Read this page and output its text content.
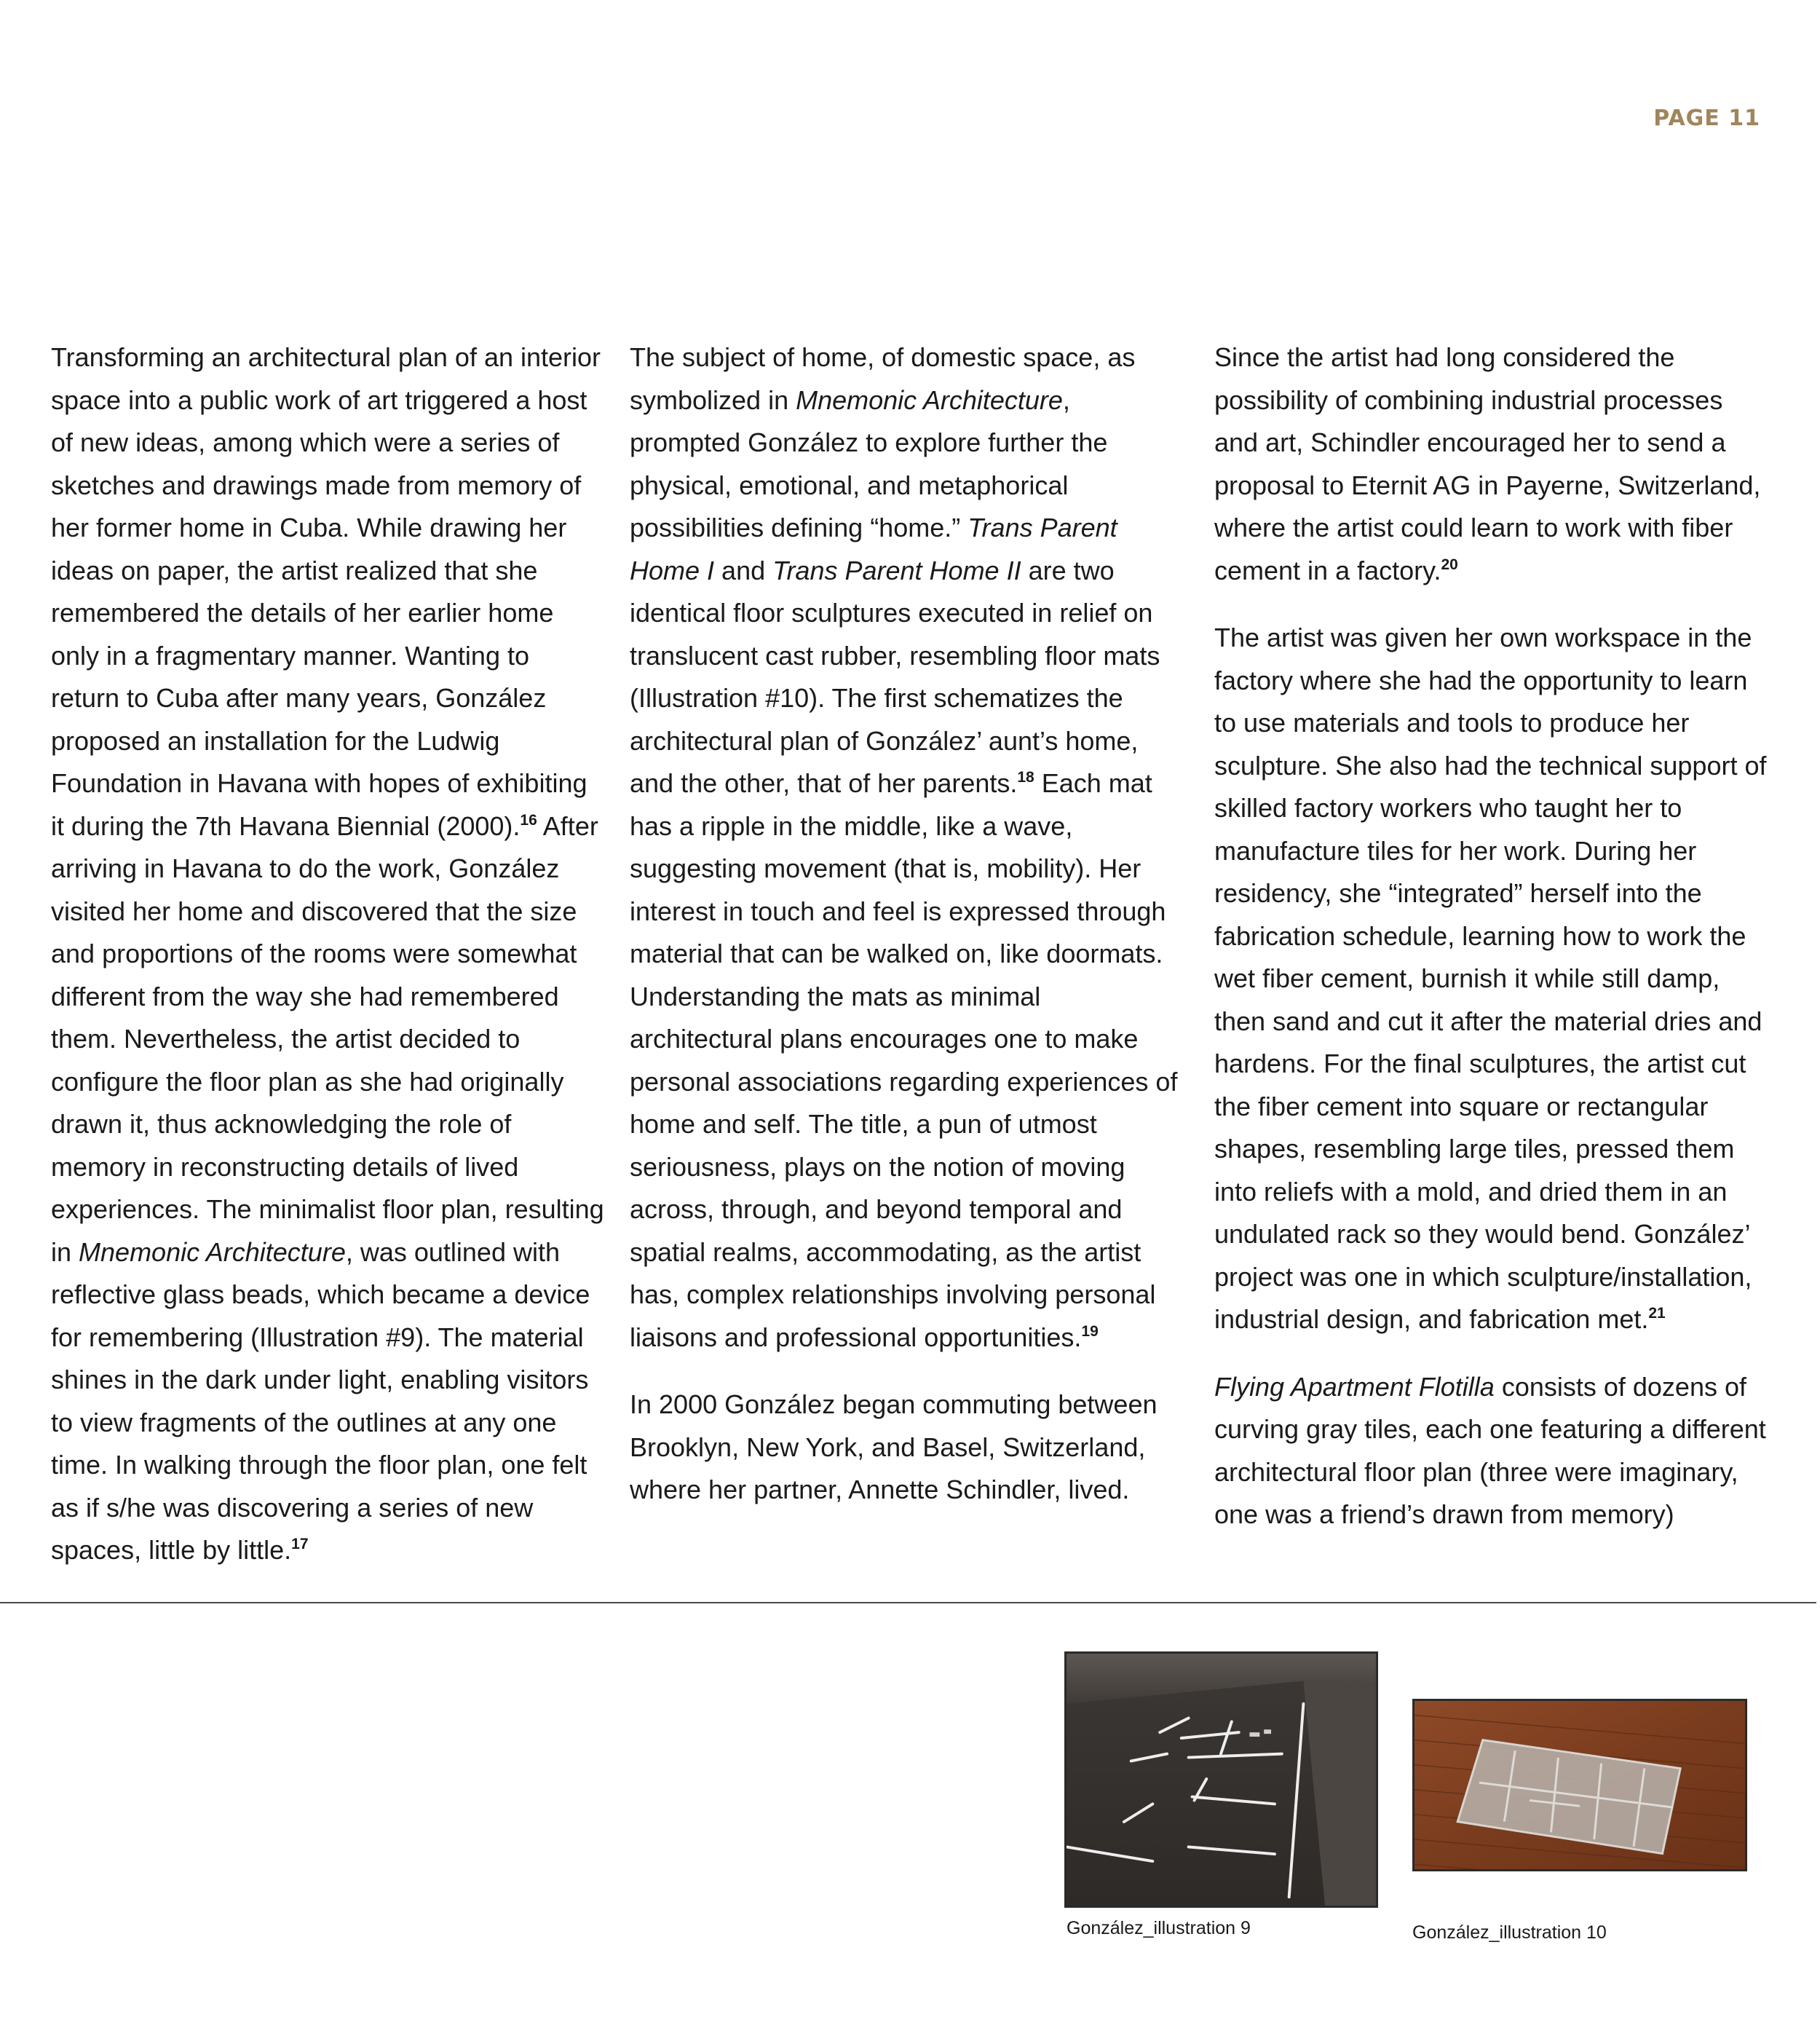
PAGE 11

Transforming an architectural plan of an interior space into a public work of art triggered a host of new ideas, among which were a series of sketches and drawings made from memory of her former home in Cuba. While drawing her ideas on paper, the artist realized that she remembered the details of her earlier home only in a fragmentary manner. Wanting to return to Cuba after many years, González proposed an installation for the Ludwig Foundation in Havana with hopes of exhibiting it during the 7th Havana Biennial (2000).$^{16}$ After arriving in Havana to do the work, González visited her home and discovered that the size and proportions of the rooms were somewhat different from the way she had remembered them. Nevertheless, the artist decided to configure the floor plan as she had originally drawn it, thus acknowledging the role of memory in reconstructing details of lived experiences. The minimalist floor plan, resulting in Mnemonic Architecture, was outlined with reflective glass beads, which became a device for remembering (Illustration #9). The material shines in the dark under light, enabling visitors to view fragments of the outlines at any one time. In walking through the floor plan, one felt as if s/he was discovering a series of new spaces, little by little.$^{17}$

The subject of home, of domestic space, as symbolized in Mnemonic Architecture, prompted González to explore further the physical, emotional, and metaphorical possibilities defining “home.” Trans Parent Home I and Trans Parent Home II are two identical floor sculptures executed in relief on translucent cast rubber, resembling floor mats (Illustration #10). The first schematizes the architectural plan of González’ aunt’s home, and the other, that of her parents.$^{18}$ Each mat has a ripple in the middle, like a wave, suggesting movement (that is, mobility). Her interest in touch and feel is expressed through material that can be walked on, like doormats. Understanding the mats as minimal architectural plans encourages one to make personal associations regarding experiences of home and self. The title, a pun of utmost seriousness, plays on the notion of moving across, through, and beyond temporal and spatial realms, accommodating, as the artist has, complex relationships involving personal liaisons and professional opportunities.$^{19}$

In 2000 González began commuting between Brooklyn, New York, and Basel, Switzerland, where her partner, Annette Schindler, lived.

Since the artist had long considered the possibility of combining industrial processes and art, Schindler encouraged her to send a proposal to Eternit AG in Payerne, Switzerland, where the artist could learn to work with fiber cement in a factory.$^{20}$

The artist was given her own workspace in the factory where she had the opportunity to learn to use materials and tools to produce her sculpture. She also had the technical support of skilled factory workers who taught her to manufacture tiles for her work. During her residency, she “integrated” herself into the fabrication schedule, learning how to work the wet fiber cement, burnish it while still damp, then sand and cut it after the material dries and hardens. For the final sculptures, the artist cut the fiber cement into square or rectangular shapes, resembling large tiles, pressed them into reliefs with a mold, and dried them in an undulated rack so they would bend. González’ project was one in which sculpture/installation, industrial design, and fabrication met.$^{21}$

Flying Apartment Flotilla consists of dozens of curving gray tiles, each one featuring a different architectural floor plan (three were imaginary, one was a friend’s drawn from memory)

González_illustration 9	González_illustration 10
